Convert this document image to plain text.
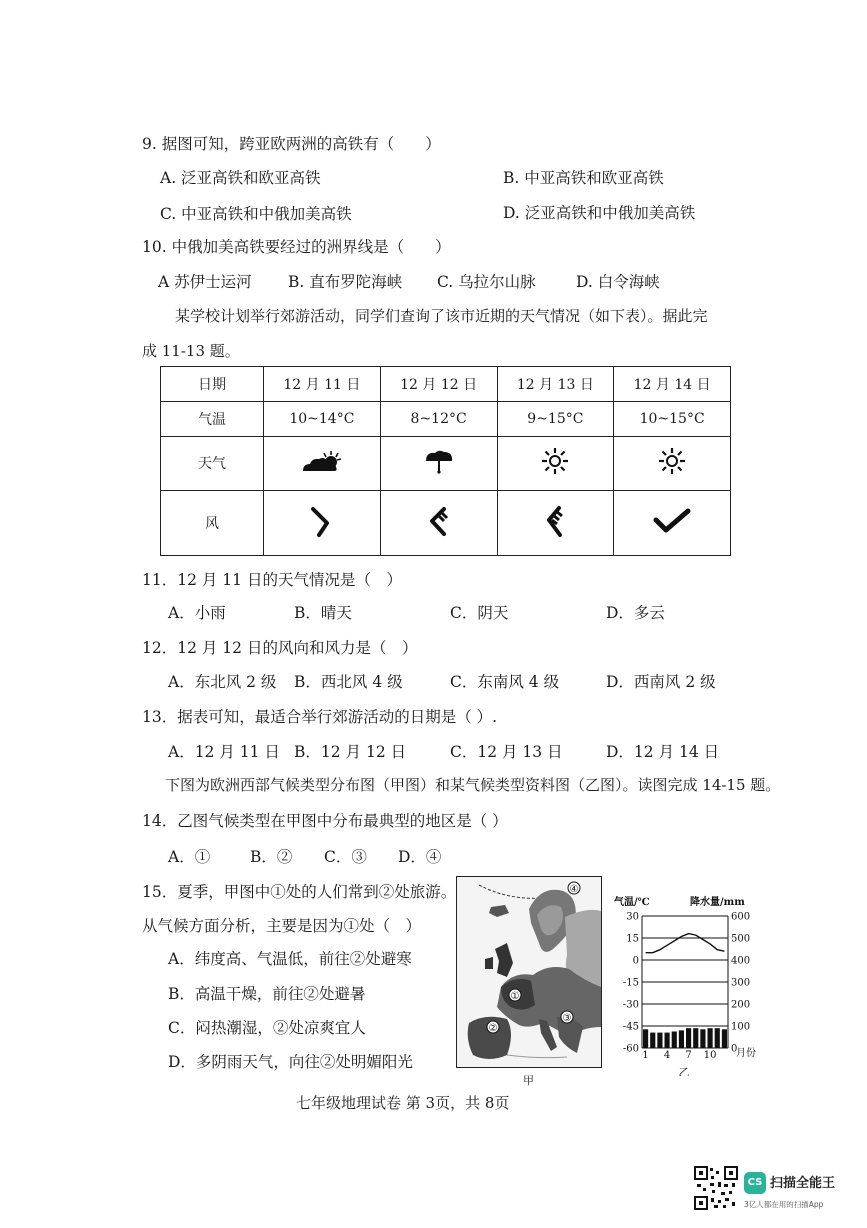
9. 据图可知，跨亚欧两洲的高铁有（　　）
A. 泛亚高铁和欧亚高铁	B. 中亚高铁和欧亚高铁
C. 中亚高铁和中俄加美高铁	D. 泛亚高铁和中俄加美高铁
10. 中俄加美高铁要经过的洲界线是（　　）
A 苏伊士运河 B. 直布罗陀海峡 C. 乌拉尔山脉	D. 白令海峡
某学校计划举行郊游活动，同学们查询了该市近期的天气情况（如下表）。据此完
成 11-13 题。
日期	12 月 11 日	12 月 12 日	12 月 13 日	12 月 14 日
气温	10~14°C	8~12°C	9~15°C	10~15°C
天气				
风				
11．12 月 11 日的天气情况是（　）
A．小雨	B．晴天	C．阴天	D．多云
12．12 月 12 日的风向和风力是（　）
A．东北风 2 级 B．西北风 4 级	C．东南风 4 级	D．西南风 2 级
13．据表可知，最适合举行郊游活动的日期是（ ）.
A．12 月 11 日 B．12 月 12 日	C．12 月 13 日	D．12 月 14 日
下图为欧洲西部气候类型分布图（甲图）和某气候类型资料图（乙图）。读图完成 14-15 题。
14．乙图气候类型在甲图中分布最典型的地区是（ ）
A．①	B．② C．③ D．④
15．夏季，甲图中①处的人们常到②处旅游。
从气候方面分析，主要是因为①处（　）
A．纬度高、气温低，前往②处避寒
B．高温干燥，前往②处避暑
C．闷热潮湿，②处凉爽宜人
D．多阴雨天气，向往②处明媚阳光
④
①
②
③
甲
气温/℃	降水量/mm
30
15
0
-15
-30
-45
-60
600
500
400
300
200
100
0
1 4 7 10 月份
乙
七年级地理试卷 第 3页，共 8页
CS 扫描全能王
3亿人都在用的扫描App
